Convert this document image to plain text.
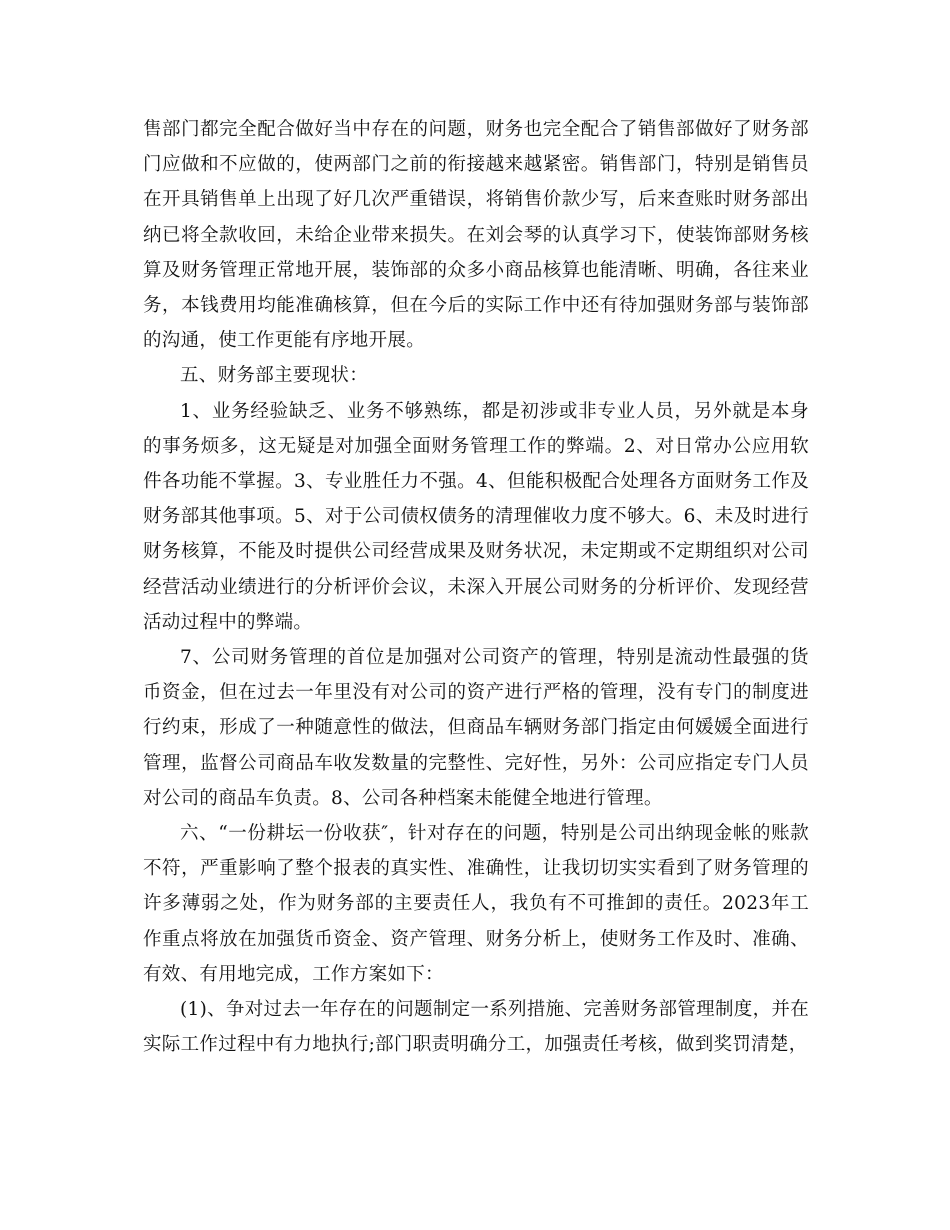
售部门都完全配合做好当中存在的问题，财务也完全配合了销售部做好了财务部门应做和不应做的，使两部门之前的衔接越来越紧密。销售部门，特别是销售员在开具销售单上出现了好几次严重错误，将销售价款少写，后来查账时财务部出纳已将全款收回，未给企业带来损失。在刘会琴的认真学习下，使装饰部财务核算及财务管理正常地开展，装饰部的众多小商品核算也能清晰、明确，各往来业务，本钱费用均能准确核算，但在今后的实际工作中还有待加强财务部与装饰部的沟通，使工作更能有序地开展。

五、财务部主要现状：

1、业务经验缺乏、业务不够熟练，都是初涉或非专业人员，另外就是本身的事务烦多，这无疑是对加强全面财务管理工作的弊端。2、对日常办公应用软件各功能不掌握。3、专业胜任力不强。4、但能积极配合处理各方面财务工作及财务部其他事项。5、对于公司债权债务的清理催收力度不够大。6、未及时进行财务核算，不能及时提供公司经营成果及财务状况，未定期或不定期组织对公司经营活动业绩进行的分析评价会议，未深入开展公司财务的分析评价、发现经营活动过程中的弊端。

7、公司财务管理的首位是加强对公司资产的管理，特别是流动性最强的货币资金，但在过去一年里没有对公司的资产进行严格的管理，没有专门的制度进行约束，形成了一种随意性的做法，但商品车辆财务部门指定由何媛媛全面进行管理，监督公司商品车收发数量的完整性、完好性，另外：公司应指定专门人员对公司的商品车负责。8、公司各种档案未能健全地进行管理。

六、“一份耕坛一份收获″，针对存在的问题，特别是公司出纳现金帐的账款不符，严重影响了整个报表的真实性、准确性，让我切切实实看到了财务管理的许多薄弱之处，作为财务部的主要责任人，我负有不可推卸的责任。2023年工作重点将放在加强货币资金、资产管理、财务分析上，使财务工作及时、准确、有效、有用地完成，工作方案如下：

(1)、争对过去一年存在的问题制定一系列措施、完善财务部管理制度，并在实际工作过程中有力地执行;部门职责明确分工，加强责任考核，做到奖罚清楚，
